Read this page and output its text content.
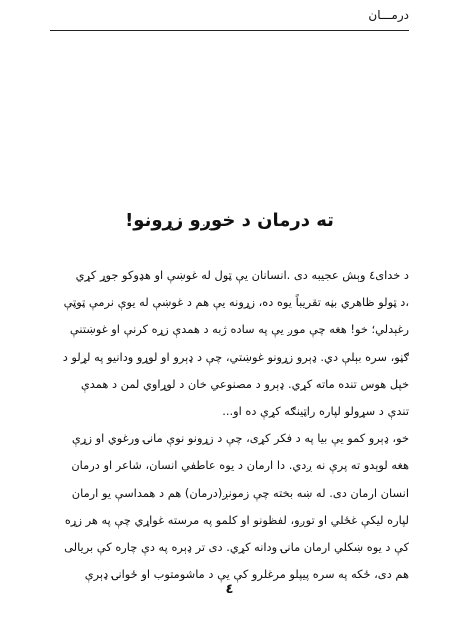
درمـــان
ته درمان د خوږو زړونو!
د خدای٤ وېش عجیبه دی .انسانان يې ټول له غوښې او هډوکو جوړ کړي
،د ټولو ظاهري بڼه تقریباً یوه ده، زړونه یې هم د غوښې له یوې نرمې ټوټې
رغېدلي؛ خو! هغه چې موږ يې په ساده ژبه د همدې زړه کرنې او غوښتنې
ګڼو، سره بېلې دي. ډېرو زړونو غوښتي، چې د ډېرو او لوړو ودانیو په لړلو د
خپل هوس تنده ماته کړي. ډېرو د مصنوعي خان د لوړاوي لمن د همدې
تندې د سړولو لپاره راټینګه کړې ده او...
خو، ډېرو کمو يې بیا په د فکر کړی، چې د زړونو نوې مانۍ ورغوي او زړې
هغه لوېدو ته پرې نه ږدي. دا ارمان د یوه عاطفي انسان، شاعر او درمان
انسان ارمان دی. له ښه بخته چې زمونږ(درمان) هم د همداسې یو ارمان
لپاره لیکې غځلي او توږو، لفظونو او کلمو په مرسته غواړي چې په هر زړه
کې د یوه ښکلي ارمان مانۍ ودانه کړي. دی تر ډېره په دې چاره کې بریالی
هم دی، ځکه په سره پیپلو مرغلرو کې يې د ماشومتوب او ځوانۍ ډېرې
٤
